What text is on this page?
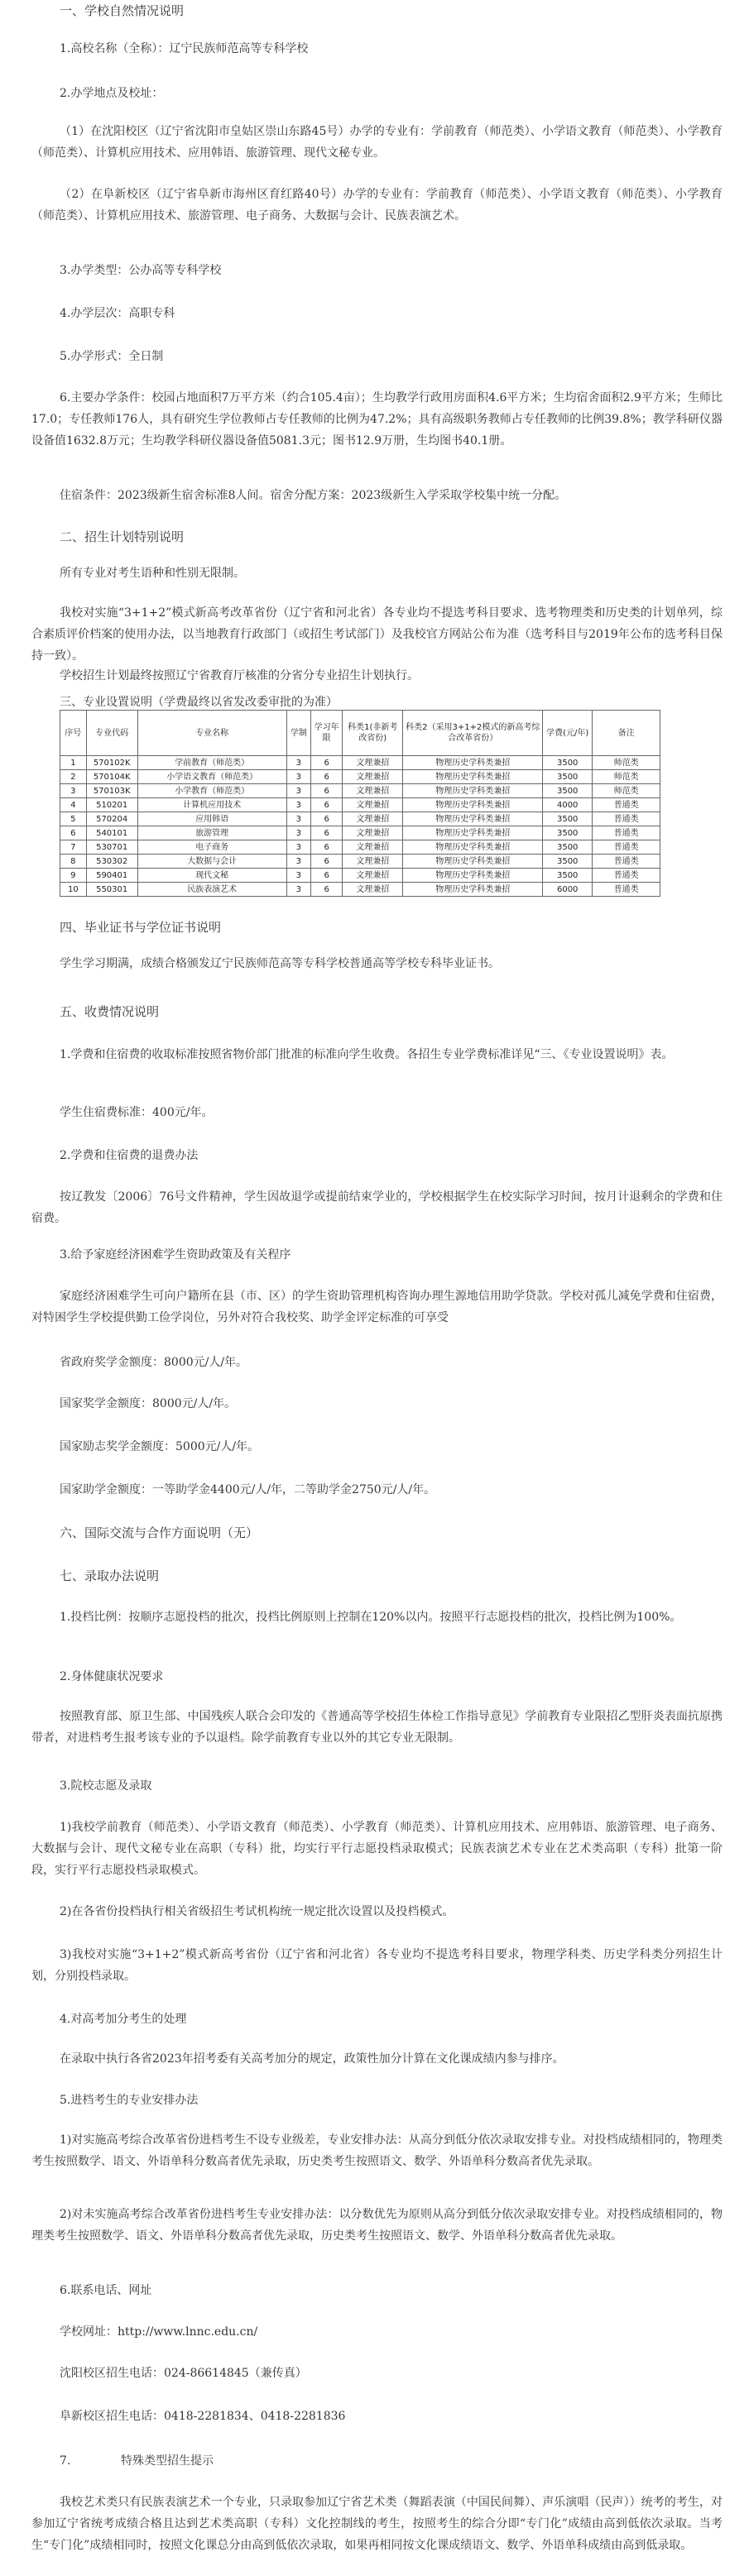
一、学校自然情况说明
1.高校名称（全称）：辽宁民族师范高等专科学校
2.办学地点及校址：
（1）在沈阳校区（辽宁省沈阳市皇姑区崇山东路45号）办学的专业有：学前教育（师范类）、小学语文教育（师范类）、小学教育（师范类）、计算机应用技术、应用韩语、旅游管理、现代文秘专业。
（2）在阜新校区（辽宁省阜新市海州区育红路40号）办学的专业有：学前教育（师范类）、小学语文教育（师范类）、小学教育（师范类）、计算机应用技术、旅游管理、电子商务、大数据与会计、民族表演艺术。
3.办学类型：公办高等专科学校
4.办学层次：高职专科
5.办学形式：全日制
6.主要办学条件：校园占地面积7万平方米（约合105.4亩）；生均教学行政用房面积4.6平方米；生均宿舍面积2.9平方米；生师比17.0；专任教师176人，具有研究生学位教师占专任教师的比例为47.2%；具有高级职务教师占专任教师的比例39.8%；教学科研仪器设备值1632.8万元；生均教学科研仪器设备值5081.3元；图书12.9万册，生均图书40.1册。
住宿条件：2023级新生宿舍标准8人间。宿舍分配方案：2023级新生入学采取学校集中统一分配。
二、招生计划特别说明
所有专业对考生语种和性别无限制。
我校对实施“3+1+2”模式新高考改革省份（辽宁省和河北省）各专业均不提选考科目要求、选考物理类和历史类的计划单列，综合素质评价档案的使用办法，以当地教育行政部门（或招生考试部门）及我校官方网站公布为准（选考科目与2019年公布的选考科目保持一致）。
学校招生计划最终按照辽宁省教育厅核准的分省分专业招生计划执行。
三、专业设置说明（学费最终以省发改委审批的为准）
序号	专业代码	专业名称	学制	学习年限	科类1(非新考改省份)	科类2（采用3+1+2模式的新高考综合改革省份）	学费(元/年)	备注
1	570102K	学前教育（师范类）	3	6	文理兼招	物理历史学科类兼招	3500	师范类
2	570104K	小学语文教育（师范类）	3	6	文理兼招	物理历史学科类兼招	3500	师范类
3	570103K	小学教育（师范类）	3	6	文理兼招	物理历史学科类兼招	3500	师范类
4	510201	计算机应用技术	3	6	文理兼招	物理历史学科类兼招	4000	普通类
5	570204	应用韩语	3	6	文理兼招	物理历史学科类兼招	3500	普通类
6	540101	旅游管理	3	6	文理兼招	物理历史学科类兼招	3500	普通类
7	530701	电子商务	3	6	文理兼招	物理历史学科类兼招	3500	普通类
8	530302	大数据与会计	3	6	文理兼招	物理历史学科类兼招	3500	普通类
9	590401	现代文秘	3	6	文理兼招	物理历史学科类兼招	3500	普通类
10	550301	民族表演艺术	3	6	文理兼招	物理历史学科类兼招	6000	普通类
四、毕业证书与学位证书说明
学生学习期满，成绩合格颁发辽宁民族师范高等专科学校普通高等学校专科毕业证书。
五、收费情况说明
1.学费和住宿费的收取标准按照省物价部门批准的标准向学生收费。各招生专业学费标准详见“三、《专业设置说明》表。
学生住宿费标准：400元/年。
2.学费和住宿费的退费办法
按辽教发〔2006〕76号文件精神，学生因故退学或提前结束学业的，学校根据学生在校实际学习时间，按月计退剩余的学费和住宿费。
3.给予家庭经济困难学生资助政策及有关程序
家庭经济困难学生可向户籍所在县（市、区）的学生资助管理机构咨询办理生源地信用助学贷款。学校对孤儿减免学费和住宿费，对特困学生学校提供勤工俭学岗位，另外对符合我校奖、助学金评定标准的可享受
省政府奖学金额度：8000元/人/年。
国家奖学金额度：8000元/人/年。
国家励志奖学金额度：5000元/人/年。
国家助学金额度：一等助学金4400元/人/年，二等助学金2750元/人/年。
六、国际交流与合作方面说明（无）
七、录取办法说明
1.投档比例：按顺序志愿投档的批次，投档比例原则上控制在120%以内。按照平行志愿投档的批次，投档比例为100%。
2.身体健康状况要求
按照教育部、原卫生部、中国残疾人联合会印发的《普通高等学校招生体检工作指导意见》学前教育专业限招乙型肝炎表面抗原携带者，对进档考生报考该专业的予以退档。除学前教育专业以外的其它专业无限制。
3.院校志愿及录取
1)我校学前教育（师范类）、小学语文教育（师范类）、小学教育（师范类）、计算机应用技术、应用韩语、旅游管理、电子商务、大数据与会计、现代文秘专业在高职（专科）批，均实行平行志愿投档录取模式；民族表演艺术专业在艺术类高职（专科）批第一阶段，实行平行志愿投档录取模式。
2)在各省份投档执行相关省级招生考试机构统一规定批次设置以及投档模式。
3)我校对实施“3+1+2”模式新高考省份（辽宁省和河北省）各专业均不提选考科目要求，物理学科类、历史学科类分列招生计划，分别投档录取。
4.对高考加分考生的处理
在录取中执行各省2023年招考委有关高考加分的规定，政策性加分计算在文化课成绩内参与排序。
5.进档考生的专业安排办法
1)对实施高考综合改革省份进档考生不设专业级差，专业安排办法：从高分到低分依次录取安排专业。对投档成绩相同的，物理类考生按照数学、语文、外语单科分数高者优先录取，历史类考生按照语文、数学、外语单科分数高者优先录取。
2)对未实施高考综合改革省份进档考生专业安排办法：以分数优先为原则从高分到低分依次录取安排专业。对投档成绩相同的，物理类考生按照数学、语文、外语单科分数高者优先录取，历史类考生按照语文、数学、外语单科分数高者优先录取。
6.联系电话、网址
学校网址：http://www.lnnc.edu.cn/
沈阳校区招生电话：024-86614845（兼传真）
阜新校区招生电话：0418-2281834、0418-2281836
7.	特殊类型招生提示
我校艺术类只有民族表演艺术一个专业，只录取参加辽宁省艺术类（舞蹈表演（中国民间舞）、声乐演唱（民声））统考的考生，对参加辽宁省统考成绩合格且达到艺术类高职（专科）文化控制线的考生，按照考生的综合分即“专门化”成绩由高到低依次录取。当考生“专门化”成绩相同时，按照文化课总分由高到低依次录取，如果再相同按文化课成绩语文、数学、外语单科成绩由高到低录取。
